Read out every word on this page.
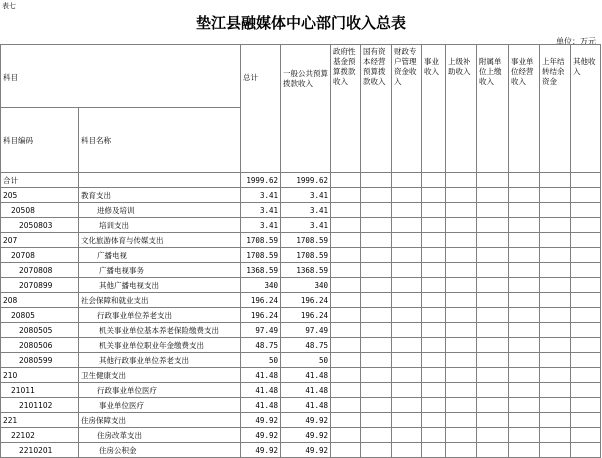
表七
垫江县融媒体中心部门收入总表
单位：万元
科目		总计	一般公共预算拨款收入	政府性基金预算拨款收入	国有资本经营预算拨款收入	财政专户管理资金收入	事业收入	上级补助收入	附属单位上缴收入	事业单位经营收入	上年结转结余资金	其他收入

科目编码	科目名称											
合计		1999.62	1999.62									
205	教育支出	3.41	3.41									
20508	进修及培训	3.41	3.41									
2050803	培训支出	3.41	3.41									
207	文化旅游体育与传媒支出	1708.59	1708.59									
20708	广播电视	1708.59	1708.59									
2070808	广播电视事务	1368.59	1368.59									
2070899	其他广播电视支出	340	340									
208	社会保障和就业支出	196.24	196.24									
20805	行政事业单位养老支出	196.24	196.24									
2080505	机关事业单位基本养老保险缴费支出	97.49	97.49									
2080506	机关事业单位职业年金缴费支出	48.75	48.75									
2080599	其他行政事业单位养老支出	50	50									
210	卫生健康支出	41.48	41.48									
21011	行政事业单位医疗	41.48	41.48									
2101102	事业单位医疗	41.48	41.48									
221	住房保障支出	49.92	49.92									
22102	住房改革支出	49.92	49.92									
2210201	住房公积金	49.92	49.92									
